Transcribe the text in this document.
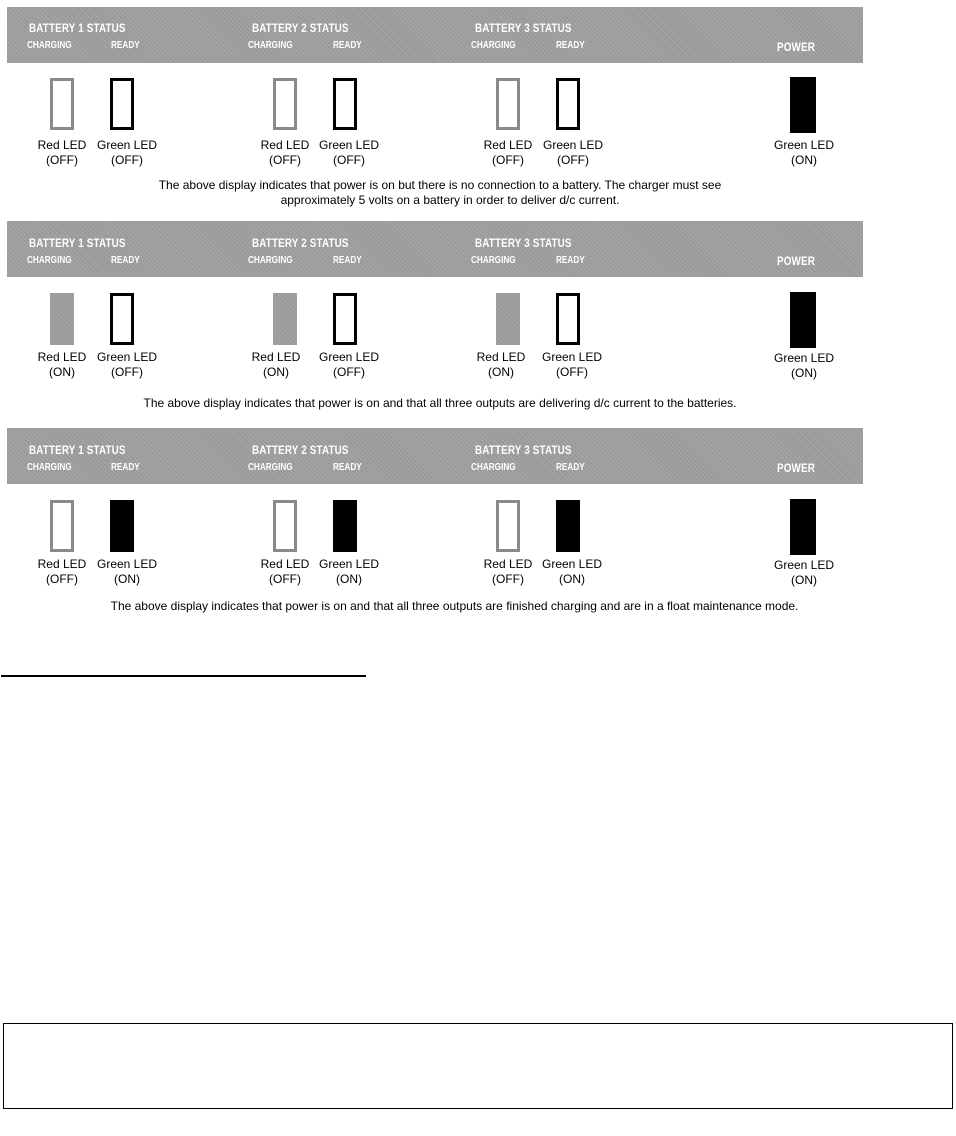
BATTERY 1 STATUS
CHARGING	READY
BATTERY 2 STATUS
CHARGING	READY
BATTERY 3 STATUS
CHARGING	READY	POWER
Red LED
(OFF)
Green LED
(OFF)
Red LED
(OFF)
Green LED
(OFF)
Red LED
(OFF)
Green LED
(OFF)
Green LED
(ON)
The above display indicates that power is on but there is no connection to a battery. The charger must see
approximately 5 volts on a battery in order to deliver d/c current.
BATTERY 1 STATUS
CHARGING	READY
BATTERY 2 STATUS
CHARGING	READY
BATTERY 3 STATUS
CHARGING	READY	POWER
Red LED
(ON)
Green LED
(OFF)
Red LED
(ON)
Green LED
(OFF)
Red LED
(ON)
Green LED
(OFF)
Green LED
(ON)
The above display indicates that power is on and that all three outputs are delivering d/c current to the batteries.
BATTERY 1 STATUS
CHARGING	READY
BATTERY 2 STATUS
CHARGING	READY
BATTERY 3 STATUS
CHARGING	READY	POWER
Red LED
(OFF)
Green LED
(ON)
Red LED
(OFF)
Green LED
(ON)
Red LED
(OFF)
Green LED
(ON)
Green LED
(ON)
The above display indicates that power is on and that all three outputs are finished charging and are in a float maintenance mode.
